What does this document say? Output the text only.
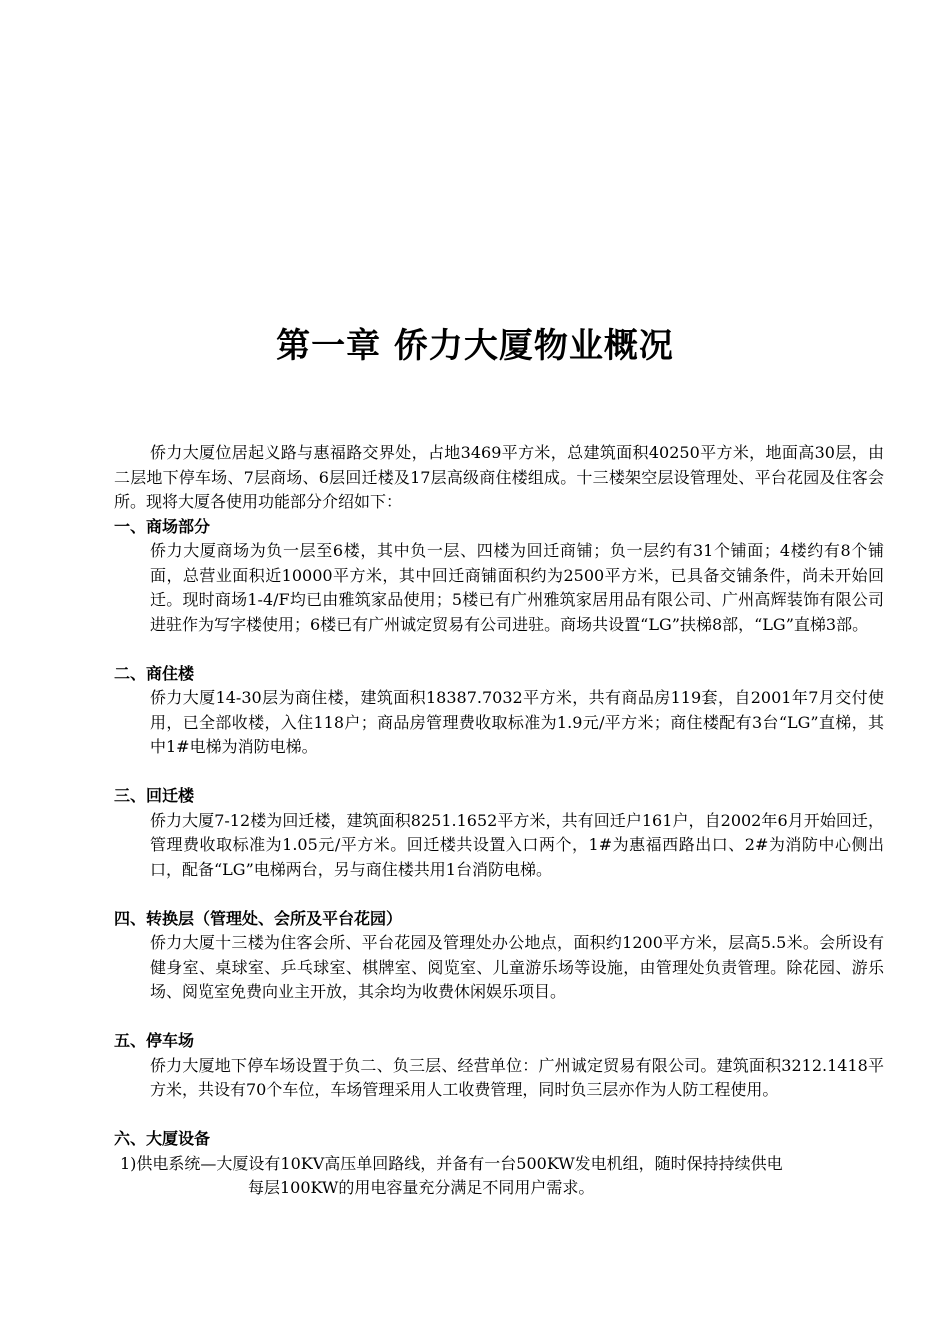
第一章 侨力大厦物业概况

侨力大厦位居起义路与惠福路交界处，占地3469平方米，总建筑面积40250平方米，地面高30层，由二层地下停车场、7层商场、6层回迁楼及17层高级商住楼组成。十三楼架空层设管理处、平台花园及住客会所。现将大厦各使用功能部分介绍如下：

一、商场部分

侨力大厦商场为负一层至6楼，其中负一层、四楼为回迁商铺；负一层约有31个铺面；4楼约有8个铺面，总营业面积近10000平方米，其中回迁商铺面积约为2500平方米，已具备交铺条件，尚未开始回迁。现时商场1-4/F均已由雅筑家品使用；5楼已有广州雅筑家居用品有限公司、广州高辉装饰有限公司进驻作为写字楼使用；6楼已有广州诚定贸易有公司进驻。商场共设置“LG”扶梯8部，“LG”直梯3部。

二、商住楼

侨力大厦14-30层为商住楼，建筑面积18387.7032平方米，共有商品房119套，自2001年7月交付使用，已全部收楼，入住118户；商品房管理费收取标准为1.9元/平方米；商住楼配有3台“LG”直梯，其中1#电梯为消防电梯。

三、回迁楼

侨力大厦7-12楼为回迁楼，建筑面积8251.1652平方米，共有回迁户161户，自2002年6月开始回迁，管理费收取标准为1.05元/平方米。回迁楼共设置入口两个，1#为惠福西路出口、2#为消防中心侧出口，配备“LG”电梯两台，另与商住楼共用1台消防电梯。

四、转换层（管理处、会所及平台花园）

侨力大厦十三楼为住客会所、平台花园及管理处办公地点，面积约1200平方米，层高5.5米。会所设有健身室、桌球室、乒乓球室、棋牌室、阅览室、儿童游乐场等设施，由管理处负责管理。除花园、游乐场、阅览室免费向业主开放，其余均为收费休闲娱乐项目。

五、停车场

侨力大厦地下停车场设置于负二、负三层、经营单位：广州诚定贸易有限公司。建筑面积3212.1418平方米，共设有70个车位，车场管理采用人工收费管理，同时负三层亦作为人防工程使用。

六、大厦设备

1)供电系统—大厦设有10KV高压单回路线，并备有一台500KW发电机组，随时保持持续供电

每层100KW的用电容量充分满足不同用户需求。
